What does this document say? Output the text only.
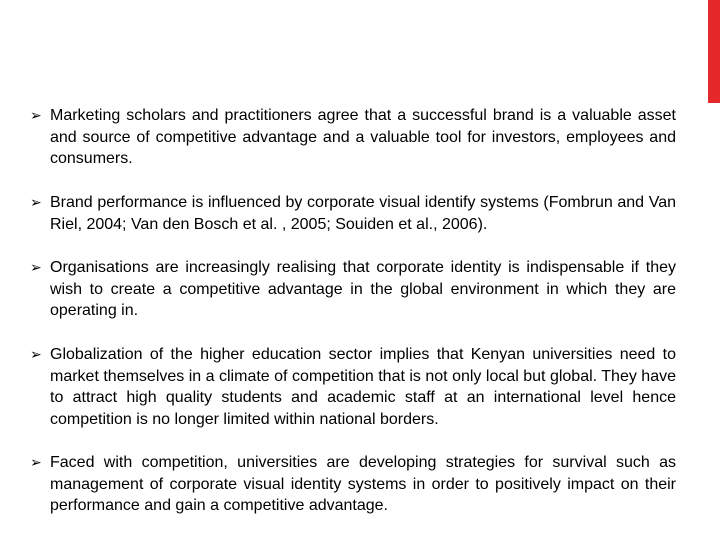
➢ Marketing scholars and practitioners agree that a successful brand is a valuable asset and source of competitive advantage and a valuable tool for investors, employees and consumers.
➢ Brand performance is influenced by corporate visual identify systems (Fombrun and Van Riel, 2004; Van den Bosch et al. , 2005; Souiden et al., 2006).
➢ Organisations are increasingly realising that corporate identity is indispensable if they wish to create a competitive advantage in the global environment in which they are operating in.
➢ Globalization of the higher education sector implies that Kenyan universities need to market themselves in a climate of competition that is not only local but global. They have to attract high quality students and academic staff at an international level hence competition is no longer limited within national borders.
➢ Faced with competition, universities are developing strategies for survival such as management of corporate visual identity systems in order to positively impact on their performance and gain a competitive advantage.
